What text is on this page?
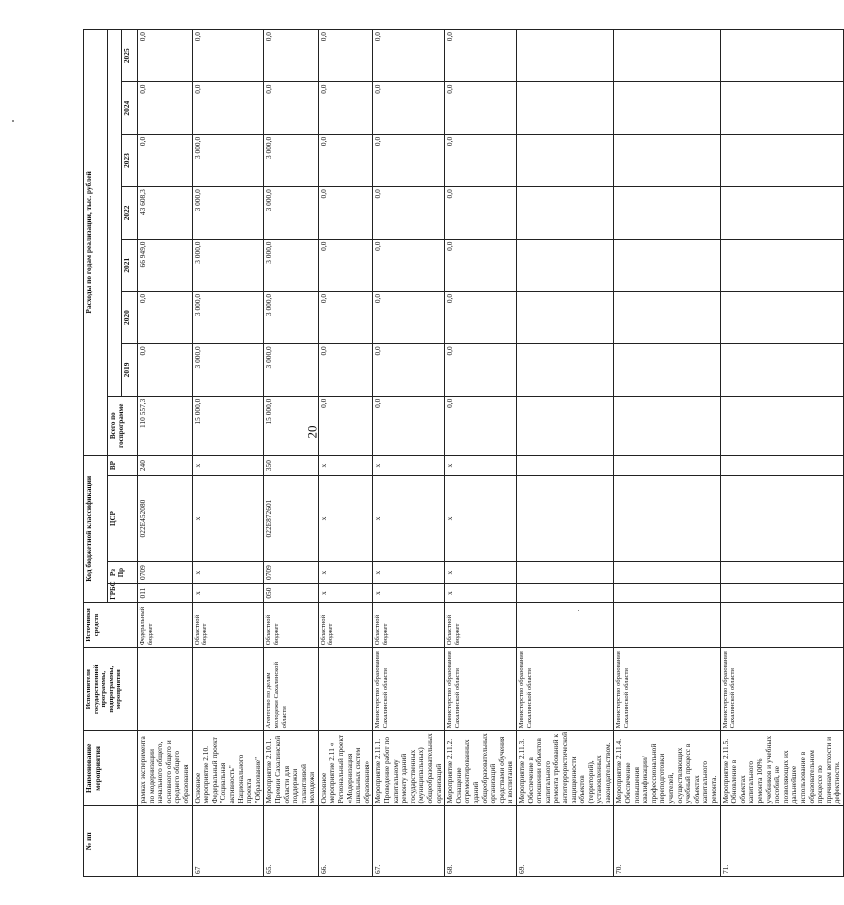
20
№ пп	Наименование мероприятия	Исполнители государственной программы, подпрограммы, мероприятия	Источники средств	Код бюджетной классификации				Расходы по годам реализации, тыс. рублей							
				ГРБС	Рз Пр	ЦСР	ВР	Всего по госпрограмме							
									2019	2020	2021	2022	2023	2024	2025
	рамках эксперимента по модернизации начального общего, основного общего и среднего общего образования		Федеральный бюджет	011	0709	022E452080	240	110 557,3	0,0	0,0	66 949,0	43 608,3	0,0	0,0	0,0
67	Основное мероприятие 2.10. Федеральный проект "Социальная активность" Национального проекта "Образование"		Областной бюджет	x	x	x	x	15 000,0	3 000,0	3 000,0	3 000,0	3 000,0	3 000,0	0,0	0,0
65.	Мероприятие 2.10.1. Премии Сахалинской области для поддержки талантливой молодежи	Агентство по делам молодежи Сахалинской области	Областной бюджет	050	0709	022E872601	350	15 000,0	3 000,0	3 000,0	3 000,0	3 000,0	3 000,0	0,0	0,0
66.	Основное мероприятие 2.11 « Региональный проект «Модернизация школьных систем образования»		Областной бюджет	x	x	x	x	0,0	0,0	0,0	0,0	0,0	0,0	0,0	0,0
67.	Мероприятие 2.11.1. Проведение работ по капитальному ремонту зданий государственных (муниципальных) общеобразовательных организаций	Министерство образования Сахалинской области	Областной бюджет	x	x	x	x	0,0	0,0	0,0	0,0	0,0	0,0	0,0	0,0
68.	Мероприятие 2.11.2. Оснащение отремонтированных зданий общеобразовательных организаций средствами обучения и воспитания	Министерство образования Сахалинской области	Областной бюджет	x	x	x	x	0,0	0,0	0,0	0,0	0,0	0,0	0,0	0,0
69.	Мероприятие 2.11.3. Обеспечение в отношении объектов капитального ремонта требований к антитеррористической защищенности объектов (территорий), установленных законодательством.	Министерство образования Сахалинской области													
70.	Мероприятие 2.11.4. Обеспечение повышения квалификации/профессиональной переподготовки учителей, осуществляющих учебный процесс в объектах капитального ремонта.	Министерство образования Сахалинской области													
71.	Мероприятие 2.11.5. Обновление в объектах капитального ремонта 100% учебников и учебных пособий, не позволяющих их дальнейшее использование в образовательном процессе по причинам ветхости и дефектности.	Министерство образования Сахалинской области													
